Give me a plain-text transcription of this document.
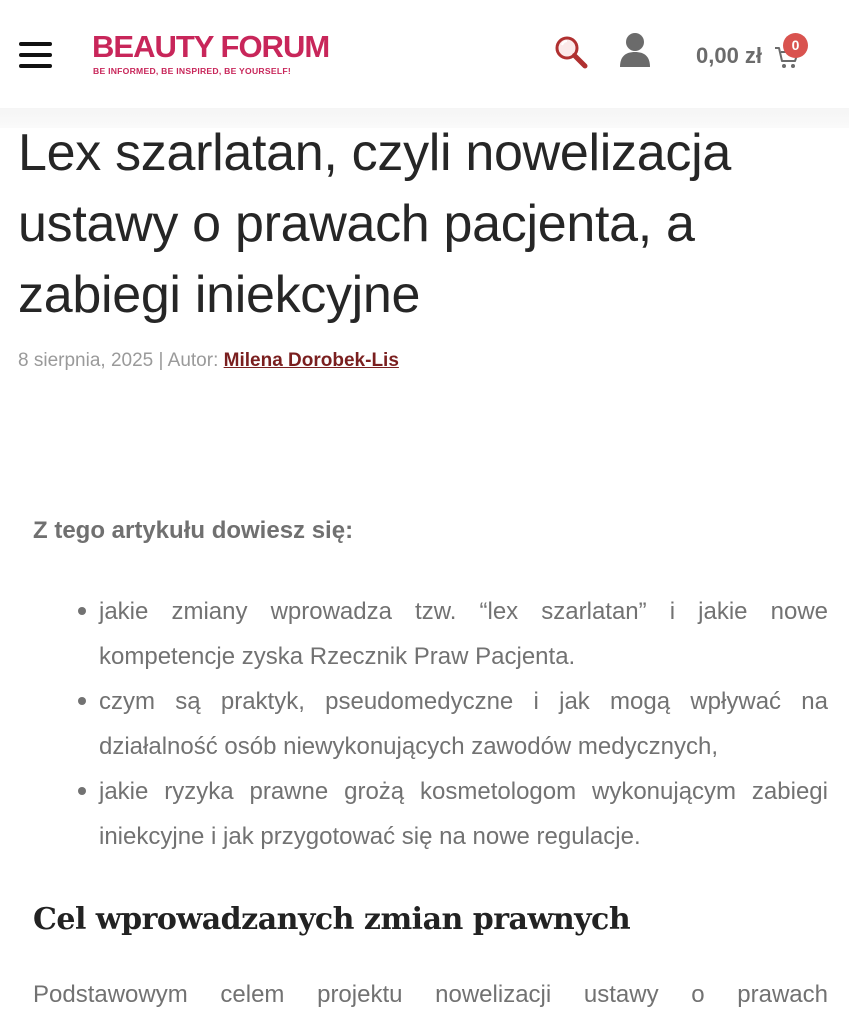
BEAUTY FORUM
BE INFORMED, BE INSPIRED, BE YOURSELF!
0,00 zł	0
Lex szarlatan, czyli nowelizacja ustawy o prawach pacjenta, a zabiegi iniekcyjne
8 sierpnia, 2025 | Autor: Milena Dorobek-Lis
Z tego artykułu dowiesz się:
jakie zmiany wprowadza tzw. “lex szarlatan” i jakie nowe kompetencje zyska Rzecznik Praw Pacjenta.
czym są praktyk, pseudomedyczne i jak mogą wpływać na działalność osób niewykonujących zawodów medycznych,
jakie ryzyka prawne grożą kosmetologom wykonującym zabiegi iniekcyjne i jak przygotować się na nowe regulacje.
Cel wprowadzanych zmian prawnych
Podstawowym celem projektu nowelizacji ustawy o prawach
